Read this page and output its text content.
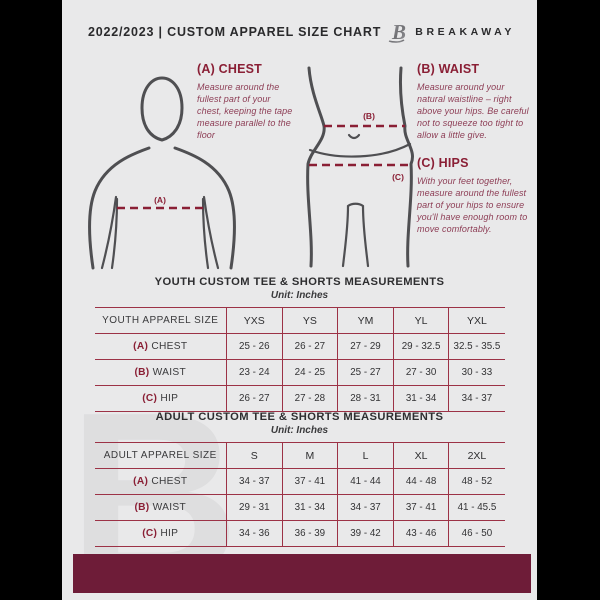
2022/2023 | CUSTOM APPAREL SIZE CHART B BREAKAWAY
(A)
(B)
(C)
(A) CHEST
Measure around the fullest part of your chest, keeping the tape measure parallel to the floor
(B) WAIST
Measure around your natural waistline – right above your hips. Be careful not to squeeze too tight to allow a little give.
(C) HIPS
With your feet together, measure around the fullest part of your hips to ensure you'll have enough room to move comfortably.
YOUTH CUSTOM TEE & SHORTS MEASUREMENTS
Unit: Inches
YOUTH APPAREL SIZE	YXS	YS	YM	YL	YXL
(A) CHEST	25 - 26	26 - 27	27 - 29	29 - 32.5	32.5 - 35.5
(B) WAIST	23 - 24	24 - 25	25 - 27	27 - 30	30 - 33
(C) HIP	26 - 27	27 - 28	28 - 31	31 - 34	34 - 37
ADULT CUSTOM TEE & SHORTS MEASUREMENTS
Unit: Inches
ADULT APPAREL SIZE	S	M	L	XL	2XL
(A) CHEST	34 - 37	37 - 41	41 - 44	44 - 48	48 - 52
(B) WAIST	29 - 31	31 - 34	34 - 37	37 - 41	41 - 45.5
(C) HIP	34 - 36	36 - 39	39 - 42	43 - 46	46 - 50
